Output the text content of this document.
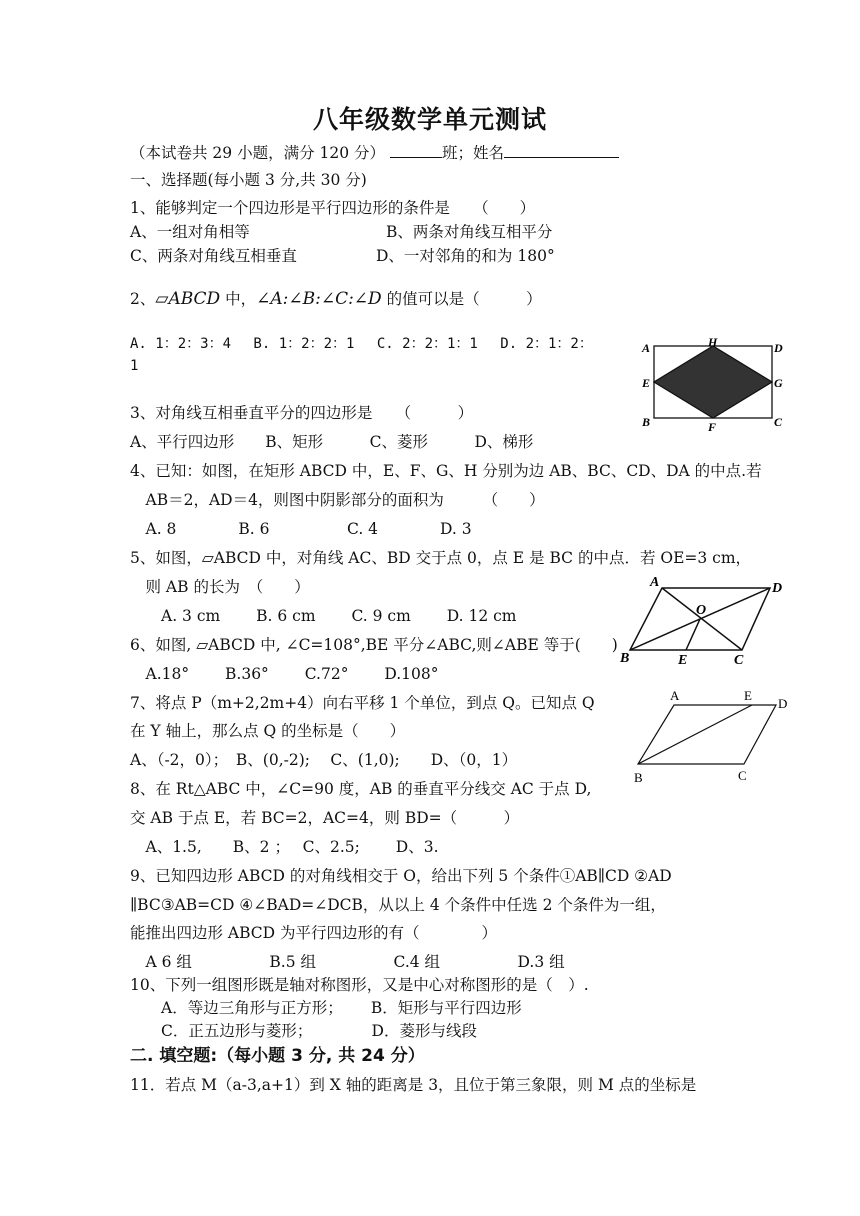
八年级数学单元测试
（本试卷共 29 小题，满分 120 分）	班；姓名
一、选择题(每小题 3 分,共 30 分)
1、能够判定一个四边形是平行四边形的条件是　　（　　）
A、一组对角相等	B、两条对角线互相平分
C、两条对角线互相垂直	D、一对邻角的和为 180°
2、▱ABCD 中，∠A:∠B:∠C:∠D 的值可以是（　　　）
A. 1：2：3：4　 B. 1：2：2：1　 C. 2：2：1：1　 D. 2：1：2：
1
3、对角线互相垂直平分的四边形是　　（　　　）
A、平行四边形　　B、矩形　　　C、菱形　　　D、梯形
4、已知：如图，在矩形 ABCD 中，E、F、G、H 分别为边 AB、BC、CD、DA 的中点.若
　AB＝2，AD＝4，则图中阴影部分的面积为　　　（　　）
　A. 8　　　　B. 6　　　　　C. 4　　　　D. 3
5、如图，▱ABCD 中，对角线 AC、BD 交于点 0，点 E 是 BC 的中点．若 OE=3 cm，
　则 AB 的长为　（　　）
　　A. 3 cm　　 B. 6 cm　　 C. 9 cm　　 D. 12 cm
6、如图, ▱ABCD 中, ∠C=108°,BE 平分∠ABC,则∠ABE 等于(　　)
　A.18°　　 B.36°　　 C.72°　　 D.108°
7、将点 P（m+2,2m+4）向右平移 1 个单位，到点 Q。已知点 Q
在 Y 轴上，那么点 Q 的坐标是（　　）
A、（-2，0）；　B、(0,-2);　 C、(1,0);　　D、（0，1）
8、在 Rt△ABC 中，∠C=90 度，AB 的垂直平分线交 AC 于点 D,
交 AB 于点 E，若 BC=2，AC=4，则 BD=（　　　）
　A、1.5,　　B、2 ；　 C、2.5;　　 D、3.
9、已知四边形 ABCD 的对角线相交于 O，给出下列 5 个条件①AB∥CD ②AD
∥BC③AB=CD ④∠BAD=∠DCB，从以上 4 个条件中任选 2 个条件为一组，
能推出四边形 ABCD 为平行四边形的有（　　　　）
　A 6 组　　　　　B.5 组　　　　　C.4 组　　　　　D.3 组
10、下列一组图形既是轴对称图形，又是中心对称图形的是（　）.
　　A．等边三角形与正方形；　　 B．矩形与平行四边形
　　C．正五边形与菱形；　　　　 D．菱形与线段
二. 填空题:（每小题 3 分, 共 24 分）
11．若点 M（a-3,a+1）到 X 轴的距离是 3，且位于第三象限，则 M 点的坐标是
A
B	C
D
E
F
G
H
A
B	C
D
O
E
A	E
D
B	C
